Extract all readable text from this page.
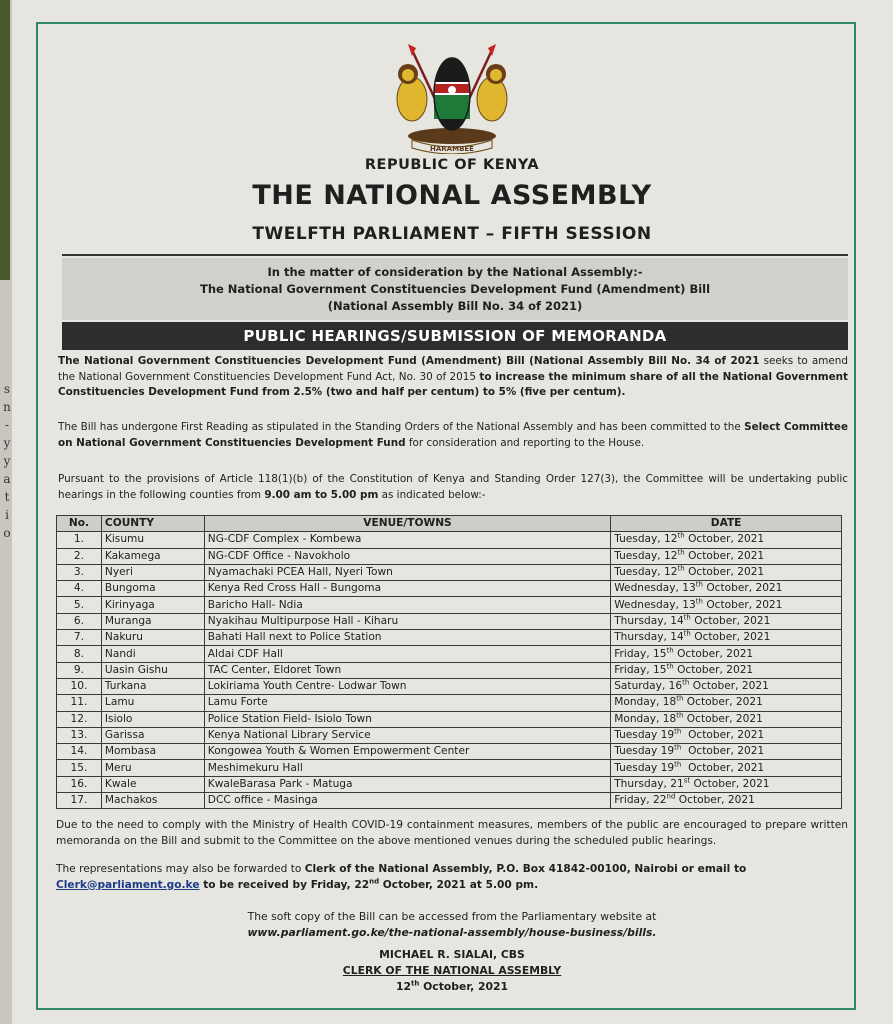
s
n
-
y
y
a
t
i
o
HARAMBEE
REPUBLIC OF KENYA
THE NATIONAL ASSEMBLY
TWELFTH PARLIAMENT – FIFTH SESSION
In the matter of consideration by the National Assembly:-
The National Government Constituencies Development Fund (Amendment) Bill
(National Assembly Bill No. 34 of 2021)
PUBLIC HEARINGS/SUBMISSION OF MEMORANDA
The National Government Constituencies Development Fund (Amendment) Bill (National Assembly Bill No. 34 of 2021 seeks to amend the National Government Constituencies Development Fund Act, No. 30 of 2015 to increase the minimum share of all the National Government Constituencies Development Fund from 2.5% (two and half per centum) to 5% (five per centum).
The Bill has undergone First Reading as stipulated in the Standing Orders of the National Assembly and has been committed to the Select Committee on National Government Constituencies Development Fund for consideration and reporting to the House.
Pursuant to the provisions of Article 118(1)(b) of the Constitution of Kenya and Standing Order 127(3), the Committee will be undertaking public hearings in the following counties from 9.00 am to 5.00 pm as indicated below:-
No.	COUNTY	VENUE/TOWNS	DATE
1.	Kisumu	NG-CDF Complex - Kombewa	Tuesday, 12th October, 2021
2.	Kakamega	NG-CDF Office - Navokholo	Tuesday, 12th October, 2021
3.	Nyeri	Nyamachaki PCEA Hall, Nyeri Town	Tuesday, 12th October, 2021
4.	Bungoma	Kenya Red Cross Hall - Bungoma	Wednesday, 13th October, 2021
5.	Kirinyaga	Baricho Hall- Ndia	Wednesday, 13th October, 2021
6.	Muranga	Nyakihau Multipurpose Hall - Kiharu	Thursday, 14th October, 2021
7.	Nakuru	Bahati Hall next to Police Station	Thursday, 14th October, 2021
8.	Nandi	Aldai CDF Hall	Friday, 15th October, 2021
9.	Uasin Gishu	TAC Center, Eldoret Town	Friday, 15th October, 2021
10.	Turkana	Lokiriama Youth Centre- Lodwar Town	Saturday, 16th October, 2021
11.	Lamu	Lamu Forte	Monday, 18th October, 2021
12.	Isiolo	Police Station Field- Isiolo Town	Monday, 18th October, 2021
13.	Garissa	Kenya National Library Service	Tuesday 19th  October, 2021
14.	Mombasa	Kongowea Youth & Women Empowerment Center	Tuesday 19th  October, 2021
15.	Meru	Meshimekuru Hall	Tuesday 19th  October, 2021
16.	Kwale	KwaleBarasa Park - Matuga	Thursday, 21st October, 2021
17.	Machakos	DCC office - Masinga	Friday, 22nd October, 2021
Due to the need to comply with the Ministry of Health COVID-19 containment measures, members of the public are encouraged to prepare written memoranda on the Bill and submit to the Committee on the above mentioned venues during the scheduled public hearings.
The representations may also be forwarded to Clerk of the National Assembly, P.O. Box 41842-00100, Nairobi or email to
Clerk@parliament.go.ke to be received by Friday, 22nd October, 2021 at 5.00 pm.
The soft copy of the Bill can be accessed from the Parliamentary website at
www.parliament.go.ke/the-national-assembly/house-business/bills.
MICHAEL R. SIALAI, CBS
CLERK OF THE NATIONAL ASSEMBLY
12th October, 2021
